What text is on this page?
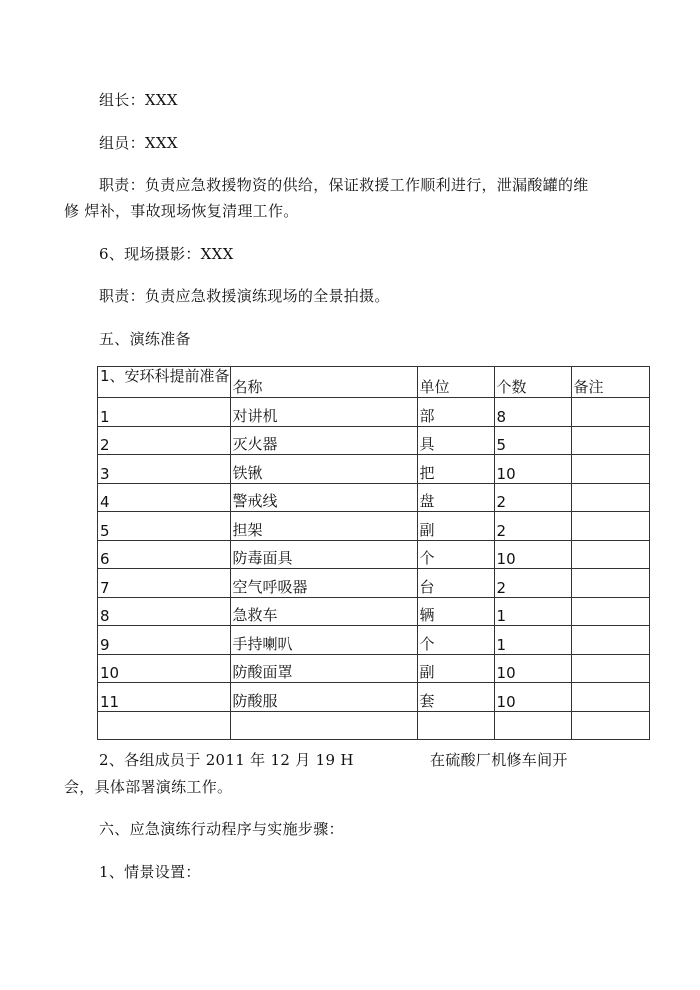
组长：XXX
组员：XXX
职责：负责应急救援物资的供给，保证救援工作顺利进行，泄漏酸罐的维
修 焊补，事故现场恢复清理工作。
6、现场摄影：XXX
职责：负责应急救援演练现场的全景拍摄。
五、演练准备
1、安环科提前准备	名称	单位	个数	备注
1	对讲机	部	8	
2	灭火器	具	5	
3	铁锹	把	10	
4	警戒线	盘	2	
5	担架	副	2	
6	防毒面具	个	10	
7	空气呼吸器	台	2	
8	急救车	辆	1	
9	手持喇叭	个	1	
10	防酸面罩	副	10	
11	防酸服	套	10	

2、各组成员于 2011 年 12 月 19 H	在硫酸厂机修车间开
会，具体部署演练工作。
六、应急演练行动程序与实施步骤：
1、情景设置：
